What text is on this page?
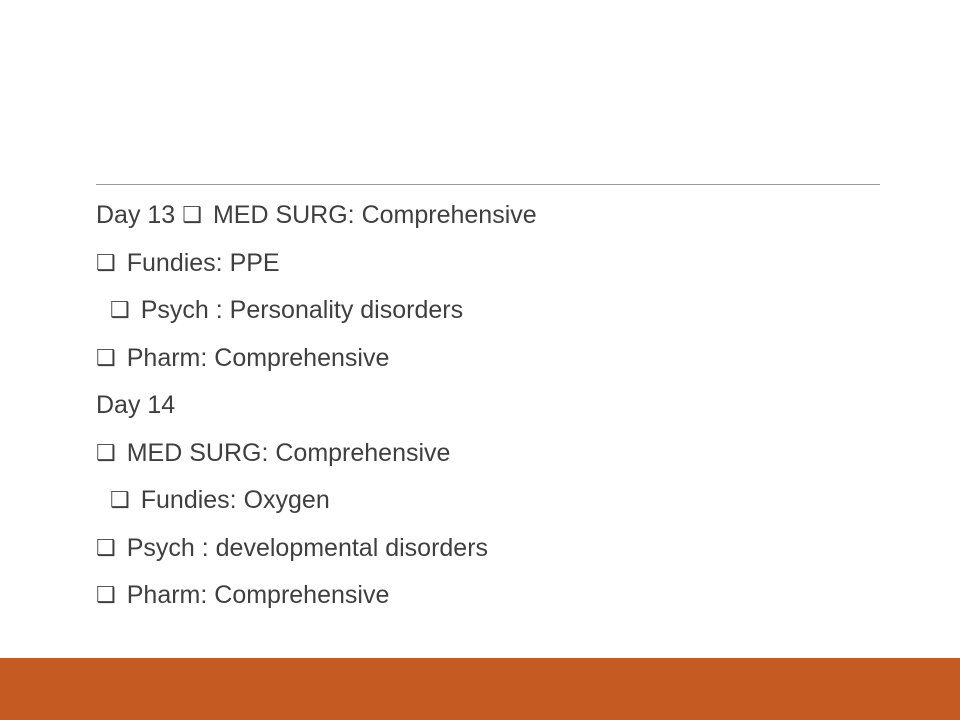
Day 13 ❑ MED SURG: Comprehensive
❑ Fundies: PPE
❑ Psych : Personality disorders
❑ Pharm: Comprehensive
Day 14
❑ MED SURG: Comprehensive
❑ Fundies: Oxygen
❑ Psych : developmental disorders
❑ Pharm: Comprehensive
